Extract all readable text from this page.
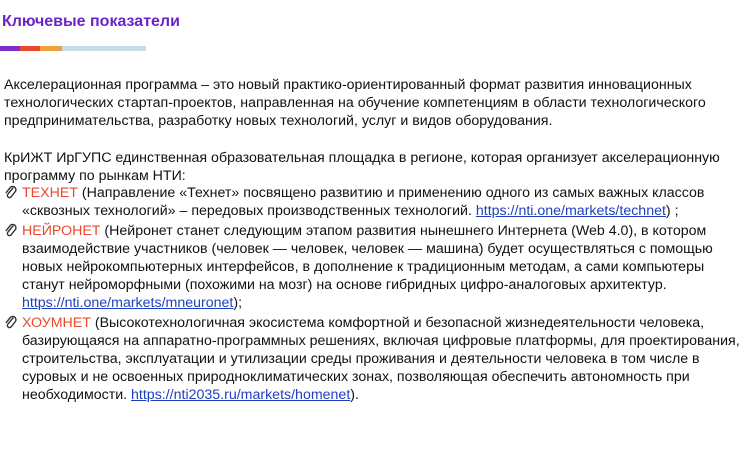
Ключевые показатели
Акселерационная программа – это новый практико-ориентированный формат развития инновационных технологических стартап-проектов, направленная на обучение компетенциям в области технологического предпринимательства, разработку новых технологий, услуг и видов оборудования.
КрИЖТ ИрГУПС единственная образовательная площадка в регионе, которая организует акселерационную программу по рынкам НТИ:
ТЕХНЕТ (Направление «Технет» посвящено развитию и применению одного из самых важных классов «сквозных технологий» – передовых производственных технологий. https://nti.one/markets/technet) ;
НЕЙРОНЕТ (Нейронет станет следующим этапом развития нынешнего Интернета (Web 4.0), в котором взаимодействие участников (человек — человек, человек — машина) будет осуществляться с помощью новых нейрокомпьютерных интерфейсов, в дополнение к традиционным методам, а сами компьютеры станут нейроморфными (похожими на мозг) на основе гибридных цифро-аналоговых архитектур. https://nti.one/markets/mneuronet);
ХОУМНЕТ (Высокотехнологичная экосистема комфортной и безопасной жизнедеятельности человека, базирующаяся на аппаратно-программных решениях, включая цифровые платформы, для проектирования, строительства, эксплуатации и утилизации среды проживания и деятельности человека в том числе в суровых и не освоенных природноклиматических зонах, позволяющая обеспечить автономность при необходимости. https://nti2035.ru/markets/homenet).
